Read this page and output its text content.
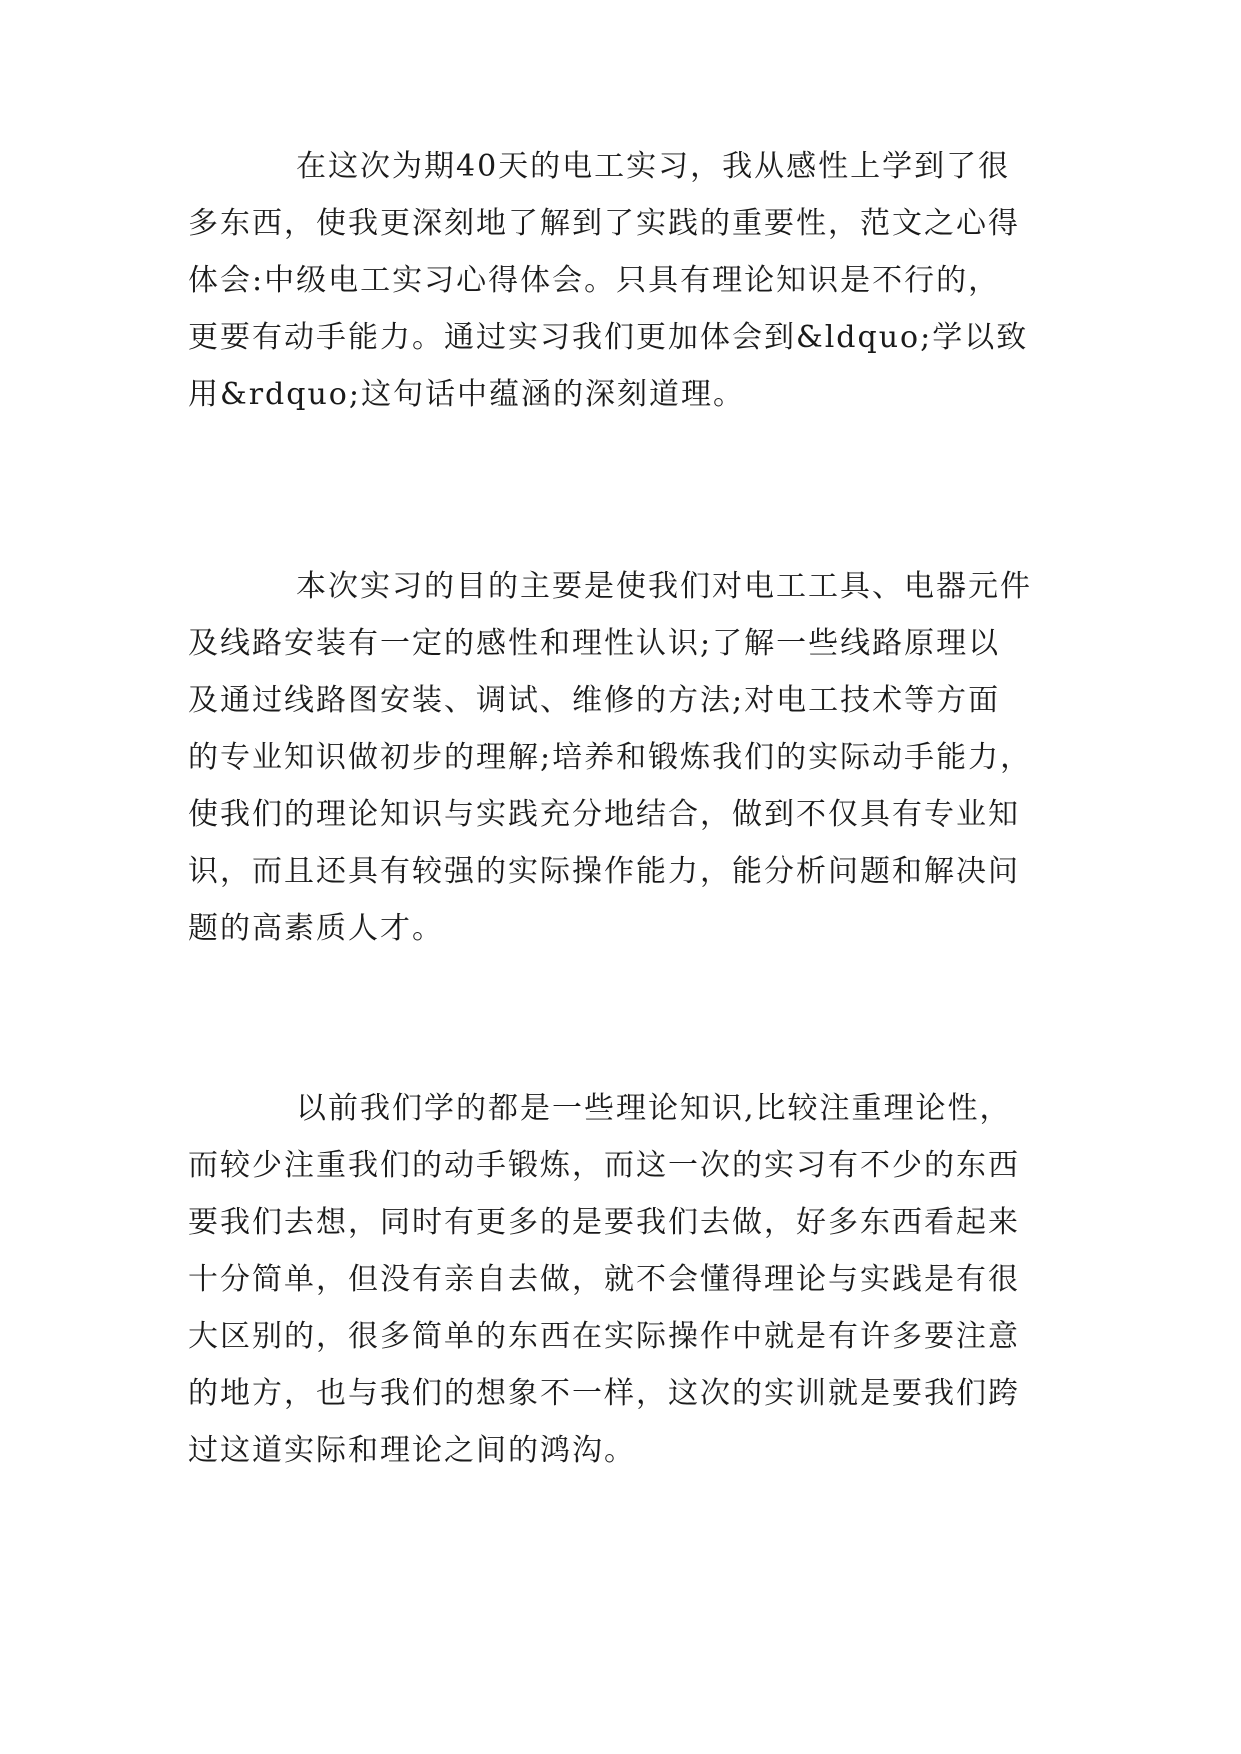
在这次为期40天的电工实习，我从感性上学到了很
多东西，使我更深刻地了解到了实践的重要性，范文之心得
体会:中级电工实习心得体会。只具有理论知识是不行的，
更要有动手能力。通过实习我们更加体会到&ldquo;学以致
用&rdquo;这句话中蕴涵的深刻道理。
本次实习的目的主要是使我们对电工工具、电器元件
及线路安装有一定的感性和理性认识;了解一些线路原理以
及通过线路图安装、调试、维修的方法;对电工技术等方面
的专业知识做初步的理解;培养和锻炼我们的实际动手能力，
使我们的理论知识与实践充分地结合，做到不仅具有专业知
识，而且还具有较强的实际操作能力，能分析问题和解决问
题的高素质人才。
以前我们学的都是一些理论知识,比较注重理论性，
而较少注重我们的动手锻炼，而这一次的实习有不少的东西
要我们去想，同时有更多的是要我们去做，好多东西看起来
十分简单，但没有亲自去做，就不会懂得理论与实践是有很
大区别的，很多简单的东西在实际操作中就是有许多要注意
的地方，也与我们的想象不一样，这次的实训就是要我们跨
过这道实际和理论之间的鸿沟。
